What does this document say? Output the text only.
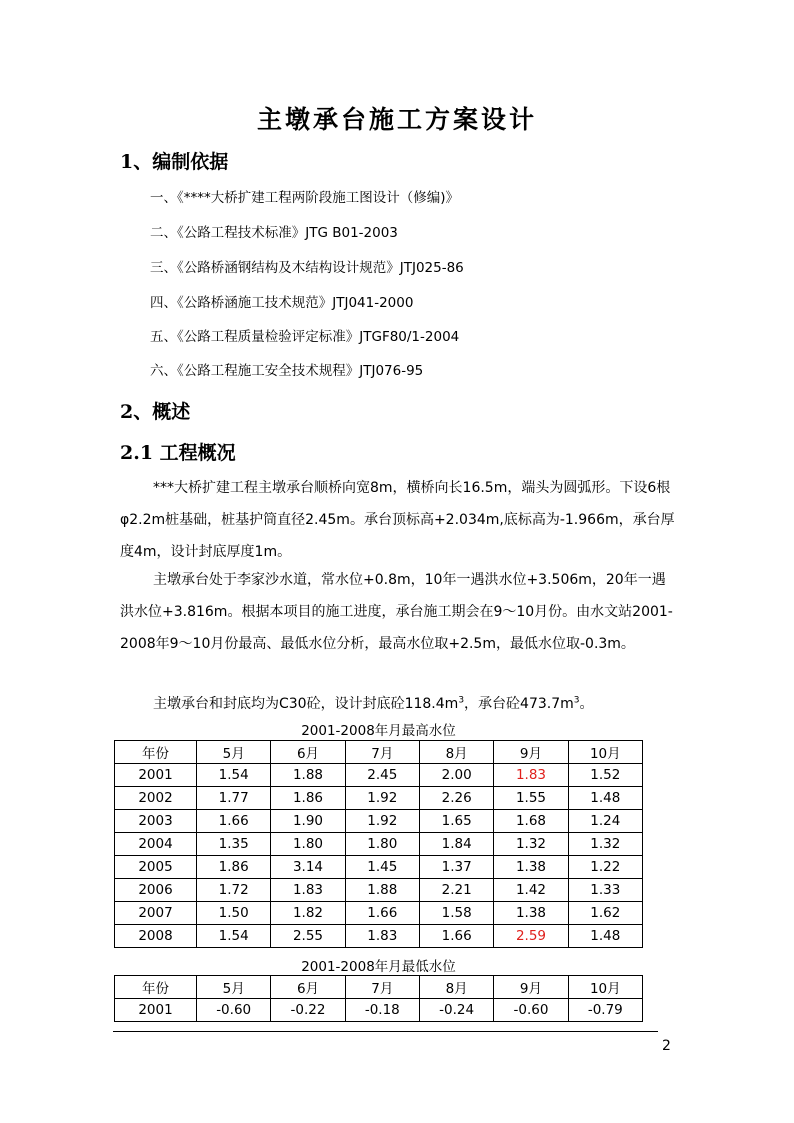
主墩承台施工方案设计
1、编制依据
一、《****大桥扩建工程两阶段施工图设计（修编)》
二、《公路工程技术标准》JTG B01-2003
三、《公路桥涵钢结构及木结构设计规范》JTJ025-86
四、《公路桥涵施工技术规范》JTJ041-2000
五、《公路工程质量检验评定标准》JTGF80/1-2004
六、《公路工程施工安全技术规程》JTJ076-95
2、概述
2.1 工程概况

***大桥扩建工程主墩承台顺桥向宽8m，横桥向长16.5m，端头为圆弧形。下设6根φ2.2m桩基础，桩基护筒直径2.45m。承台顶标高+2.034m,底标高为-1.966m，承台厚度4m，设计封底厚度1m。

主墩承台处于李家沙水道，常水位+0.8m，10年一遇洪水位+3.506m，20年一遇洪水位+3.816m。根据本项目的施工进度，承台施工期会在9～10月份。由水文站2001-2008年9～10月份最高、最低水位分析，最高水位取+2.5m，最低水位取-0.3m。

主墩承台和封底均为C30砼，设计封底砼$118.4m^3$，承台砼$473.7m^3$。
2001-2008年月最高水位
年份	5月	6月	7月	8月	9月	10月
2001	1.54	1.88	2.45	2.00	1.83	1.52
2002	1.77	1.86	1.92	2.26	1.55	1.48
2003	1.66	1.90	1.92	1.65	1.68	1.24
2004	1.35	1.80	1.80	1.84	1.32	1.32
2005	1.86	3.14	1.45	1.37	1.38	1.22
2006	1.72	1.83	1.88	2.21	1.42	1.33
2007	1.50	1.82	1.66	1.58	1.38	1.62
2008	1.54	2.55	1.83	1.66	2.59	1.48
2001-2008年月最低水位
年份	5月	6月	7月	8月	9月	10月
2001	-0.60	-0.22	-0.18	-0.24	-0.60	-0.79
2
